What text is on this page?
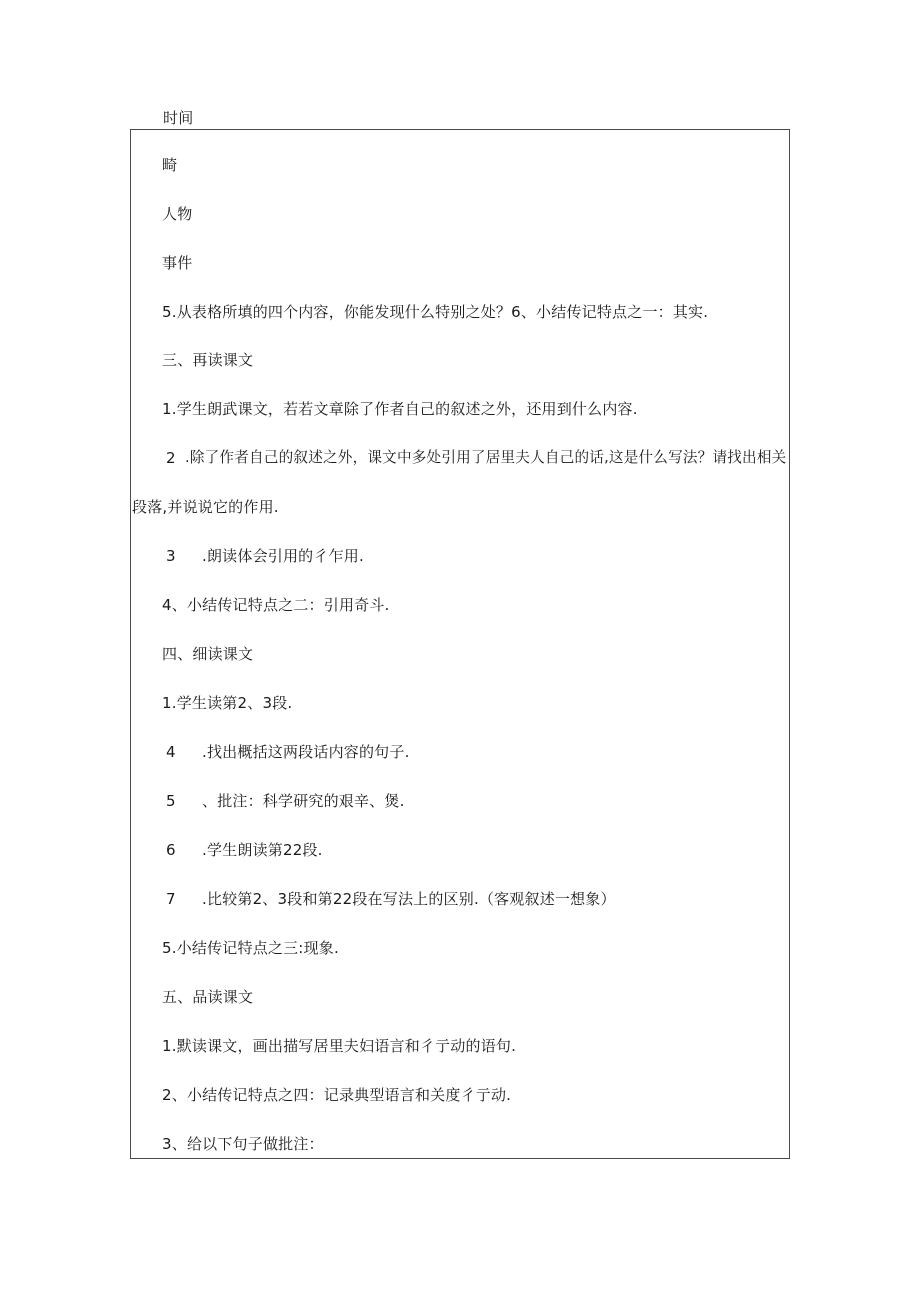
时间
畸
人物
事件
5.从表格所填的四个内容，你能发现什么特别之处？6、小结传记特点之一：其实.
三、再读课文
1.学生朗武课文，若若文章除了作者自己的叙述之外，还用到什么内容.
2 .除了作者自己的叙述之外，课文中多处引用了居里夫人自己的话,这是什么写法？请找出相关
段落,并说说它的作用.
3 .朗读体会引用的彳乍用.
4、小结传记特点之二：引用奇斗.
四、细读课文
1.学生读第2、3段.
4 .找出概括这两段话内容的句子.
5 、批注：科学研究的艰辛、煲.
6 .学生朗读第22段.
7 .比较第2、3段和第22段在写法上的区别.（客观叙述一想象）
5.小结传记特点之三:现象.
五、品读课文
1.默读课文，画出描写居里夫妇语言和彳亍动的语句.
2、小结传记特点之四：记录典型语言和关度彳亍动.
3、给以下句子做批注：
